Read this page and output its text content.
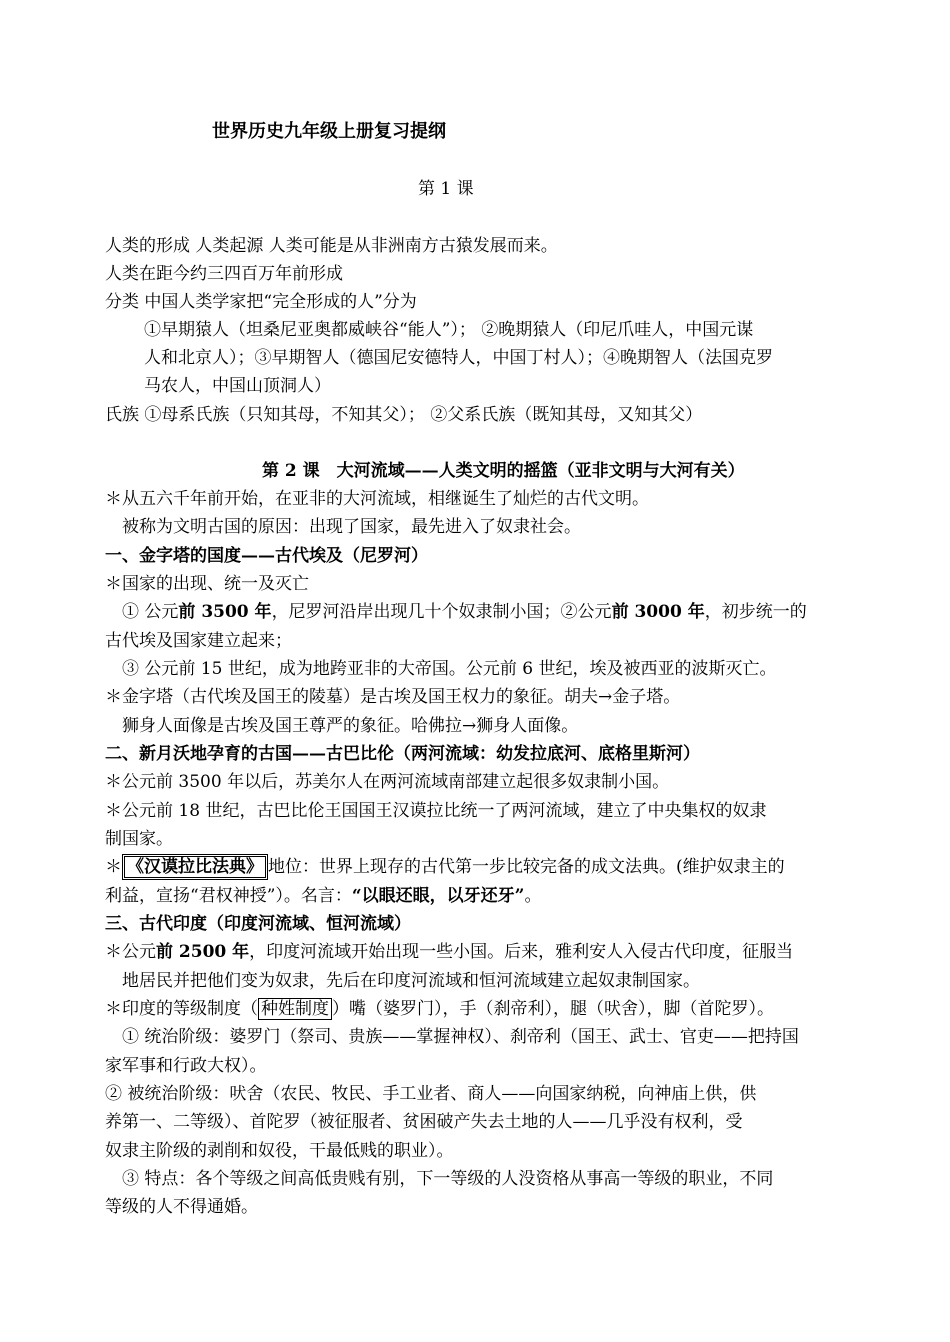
世界历史九年级上册复习提纲
第 1 课
人类的形成 人类起源 人类可能是从非洲南方古猿发展而来。
人类在距今约三四百万年前形成
分类 中国人类学家把“完全形成的人”分为
①早期猿人（坦桑尼亚奥都威峡谷“能人”）； ②晚期猿人（印尼爪哇人，中国元谋
人和北京人）；③早期智人（德国尼安德特人，中国丁村人）；④晚期智人（法国克罗
马农人，中国山顶洞人）
氏族 ①母系氏族（只知其母，不知其父）； ②父系氏族（既知其母，又知其父）
第 2 课　大河流域——人类文明的摇篮（亚非文明与大河有关）
＊从五六千年前开始，在亚非的大河流域，相继诞生了灿烂的古代文明。
被称为文明古国的原因：出现了国家，最先进入了奴隶社会。
一、金字塔的国度——古代埃及（尼罗河）
＊国家的出现、统一及灭亡
① 公元前 3500 年，尼罗河沿岸出现几十个奴隶制小国；②公元前 3000 年，初步统一的
古代埃及国家建立起来；
③ 公元前 15 世纪，成为地跨亚非的大帝国。公元前 6 世纪，埃及被西亚的波斯灭亡。
＊金字塔（古代埃及国王的陵墓）是古埃及国王权力的象征。胡夫→金子塔。
狮身人面像是古埃及国王尊严的象征。哈佛拉→狮身人面像。
二、新月沃地孕育的古国——古巴比伦（两河流域：幼发拉底河、底格里斯河）
＊公元前 3500 年以后，苏美尔人在两河流域南部建立起很多奴隶制小国。
＊公元前 18 世纪，古巴比伦王国国王汉谟拉比统一了两河流域，建立了中央集权的奴隶
制国家。
＊ 《汉谟拉比法典》 地位：世界上现存的古代第一步比较完备的成文法典。(维护奴隶主的
利益，宣扬“君权神授”）。名言：“以眼还眼，以牙还牙”。
三、古代印度（印度河流域、恒河流域）
＊公元前 2500 年，印度河流域开始出现一些小国。后来，雅利安人入侵古代印度，征服当
地居民并把他们变为奴隶，先后在印度河流域和恒河流域建立起奴隶制国家。
＊印度的等级制度（ 种姓制度 ）嘴（婆罗门），手（刹帝利），腿（吠舍），脚（首陀罗）。
① 统治阶级：婆罗门（祭司、贵族——掌握神权）、刹帝利（国王、武士、官吏——把持国
家军事和行政大权）。
② 被统治阶级：吠舍（农民、牧民、手工业者、商人——向国家纳税，向神庙上供，供
养第一、二等级）、首陀罗（被征服者、贫困破产失去土地的人——几乎没有权利，受
奴隶主阶级的剥削和奴役，干最低贱的职业）。
③ 特点：各个等级之间高低贵贱有别，下一等级的人没资格从事高一等级的职业，不同
等级的人不得通婚。
